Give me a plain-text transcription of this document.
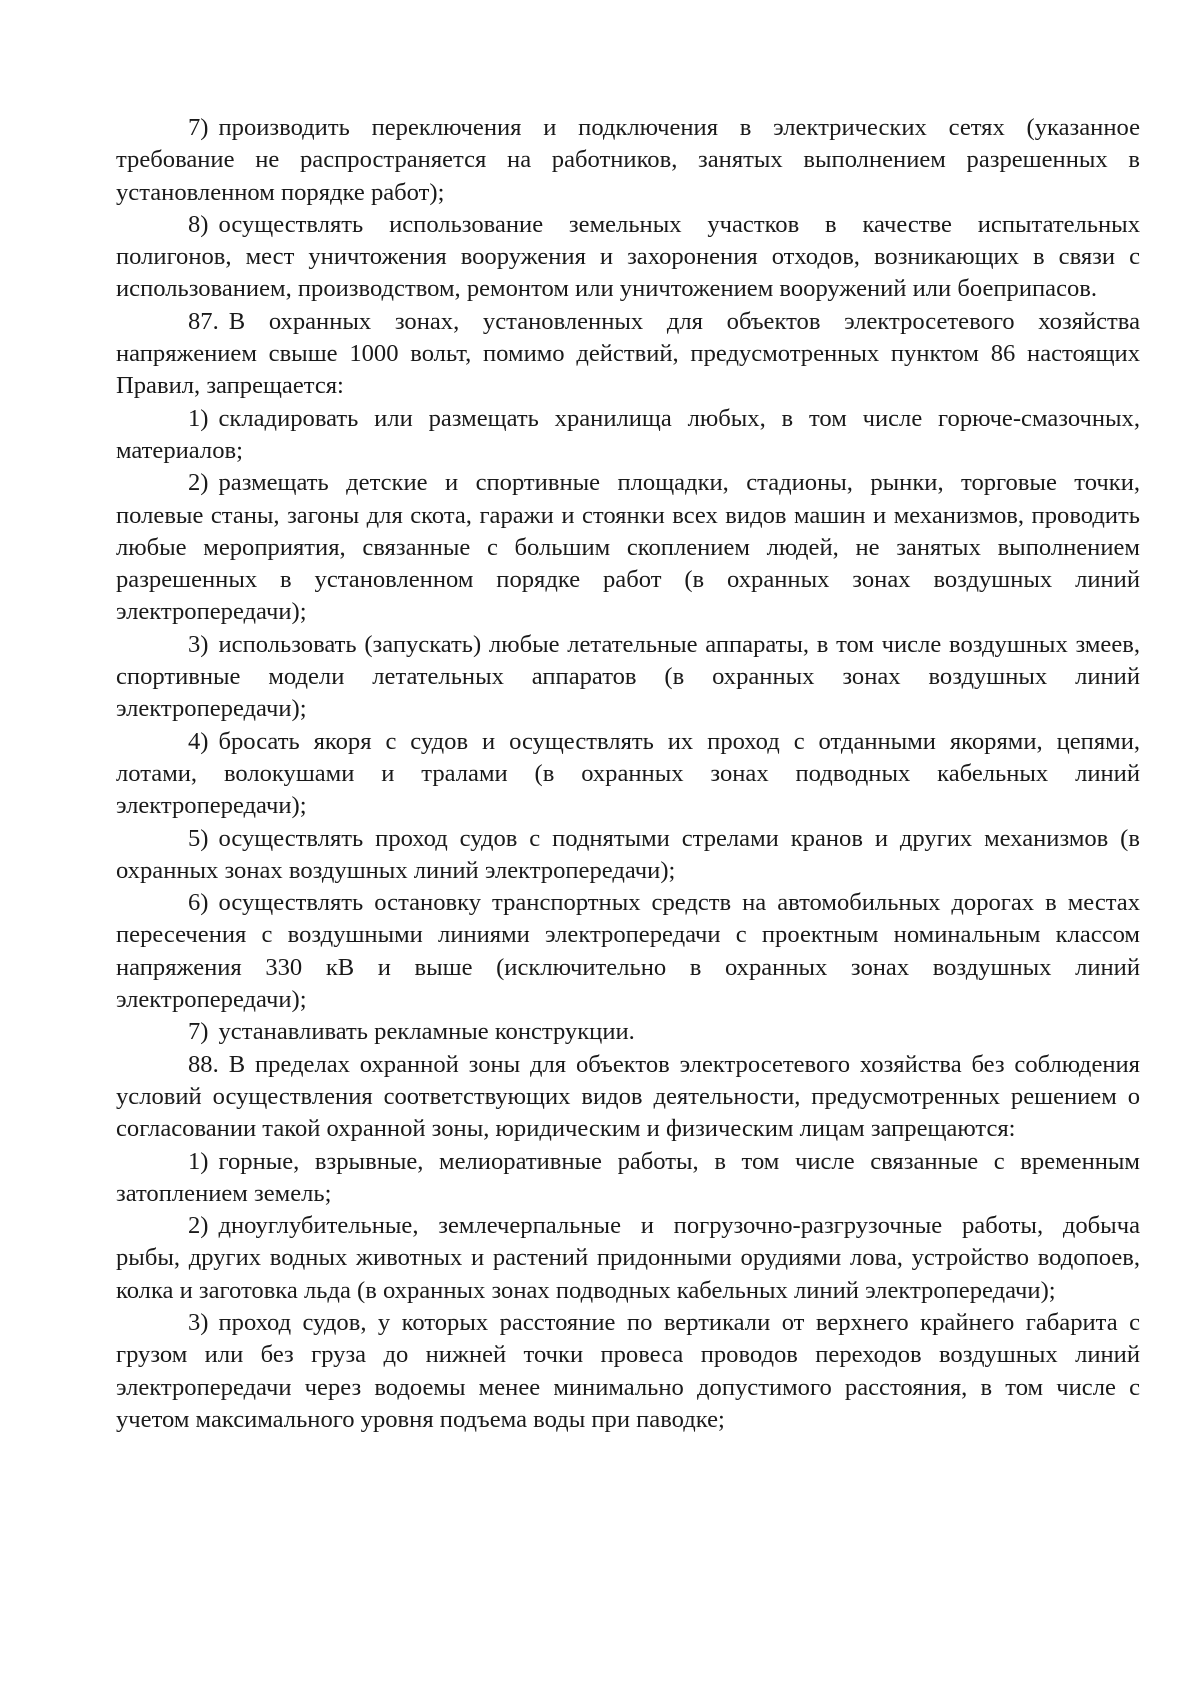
7) производить переключения и подключения в электрических сетях (указанное требование не распространяется на работников, занятых выполнением разрешенных в установленном порядке работ);

8) осуществлять использование земельных участков в качестве испытательных полигонов, мест уничтожения вооружения и захоронения отходов, возникающих в связи с использованием, производством, ремонтом или уничтожением вооружений или боеприпасов.

87. В охранных зонах, установленных для объектов электросетевого хозяйства напряжением свыше 1000 вольт, помимо действий, предусмотренных пунктом 86 настоящих Правил, запрещается:

1) складировать или размещать хранилища любых, в том числе горюче-смазочных, материалов;

2) размещать детские и спортивные площадки, стадионы, рынки, торговые точки, полевые станы, загоны для скота, гаражи и стоянки всех видов машин и механизмов, проводить любые мероприятия, связанные с большим скоплением людей, не занятых выполнением разрешенных в установленном порядке работ (в охранных зонах воздушных линий электропередачи);

3) использовать (запускать) любые летательные аппараты, в том числе воздушных змеев, спортивные модели летательных аппаратов (в охранных зонах воздушных линий электропередачи);

4) бросать якоря с судов и осуществлять их проход с отданными якорями, цепями, лотами, волокушами и тралами (в охранных зонах подводных кабельных линий электропередачи);

5) осуществлять проход судов с поднятыми стрелами кранов и других механизмов (в охранных зонах воздушных линий электропередачи);

6) осуществлять остановку транспортных средств на автомобильных дорогах в местах пересечения с воздушными линиями электропередачи с проектным номинальным классом напряжения 330 кВ и выше (исключительно в охранных зонах воздушных линий электропередачи);

7) устанавливать рекламные конструкции.

88. В пределах охранной зоны для объектов электросетевого хозяйства без соблюдения условий осуществления соответствующих видов деятельности, предусмотренных решением о согласовании такой охранной зоны, юридическим и физическим лицам запрещаются:

1) горные, взрывные, мелиоративные работы, в том числе связанные с временным затоплением земель;

2) дноуглубительные, землечерпальные и погрузочно-разгрузочные работы, добыча рыбы, других водных животных и растений придонными орудиями лова, устройство водопоев, колка и заготовка льда (в охранных зонах подводных кабельных линий электропередачи);

3) проход судов, у которых расстояние по вертикали от верхнего крайнего габарита с грузом или без груза до нижней точки провеса проводов переходов воздушных линий электропередачи через водоемы менее минимально допустимого расстояния, в том числе с учетом максимального уровня подъема воды при паводке;
